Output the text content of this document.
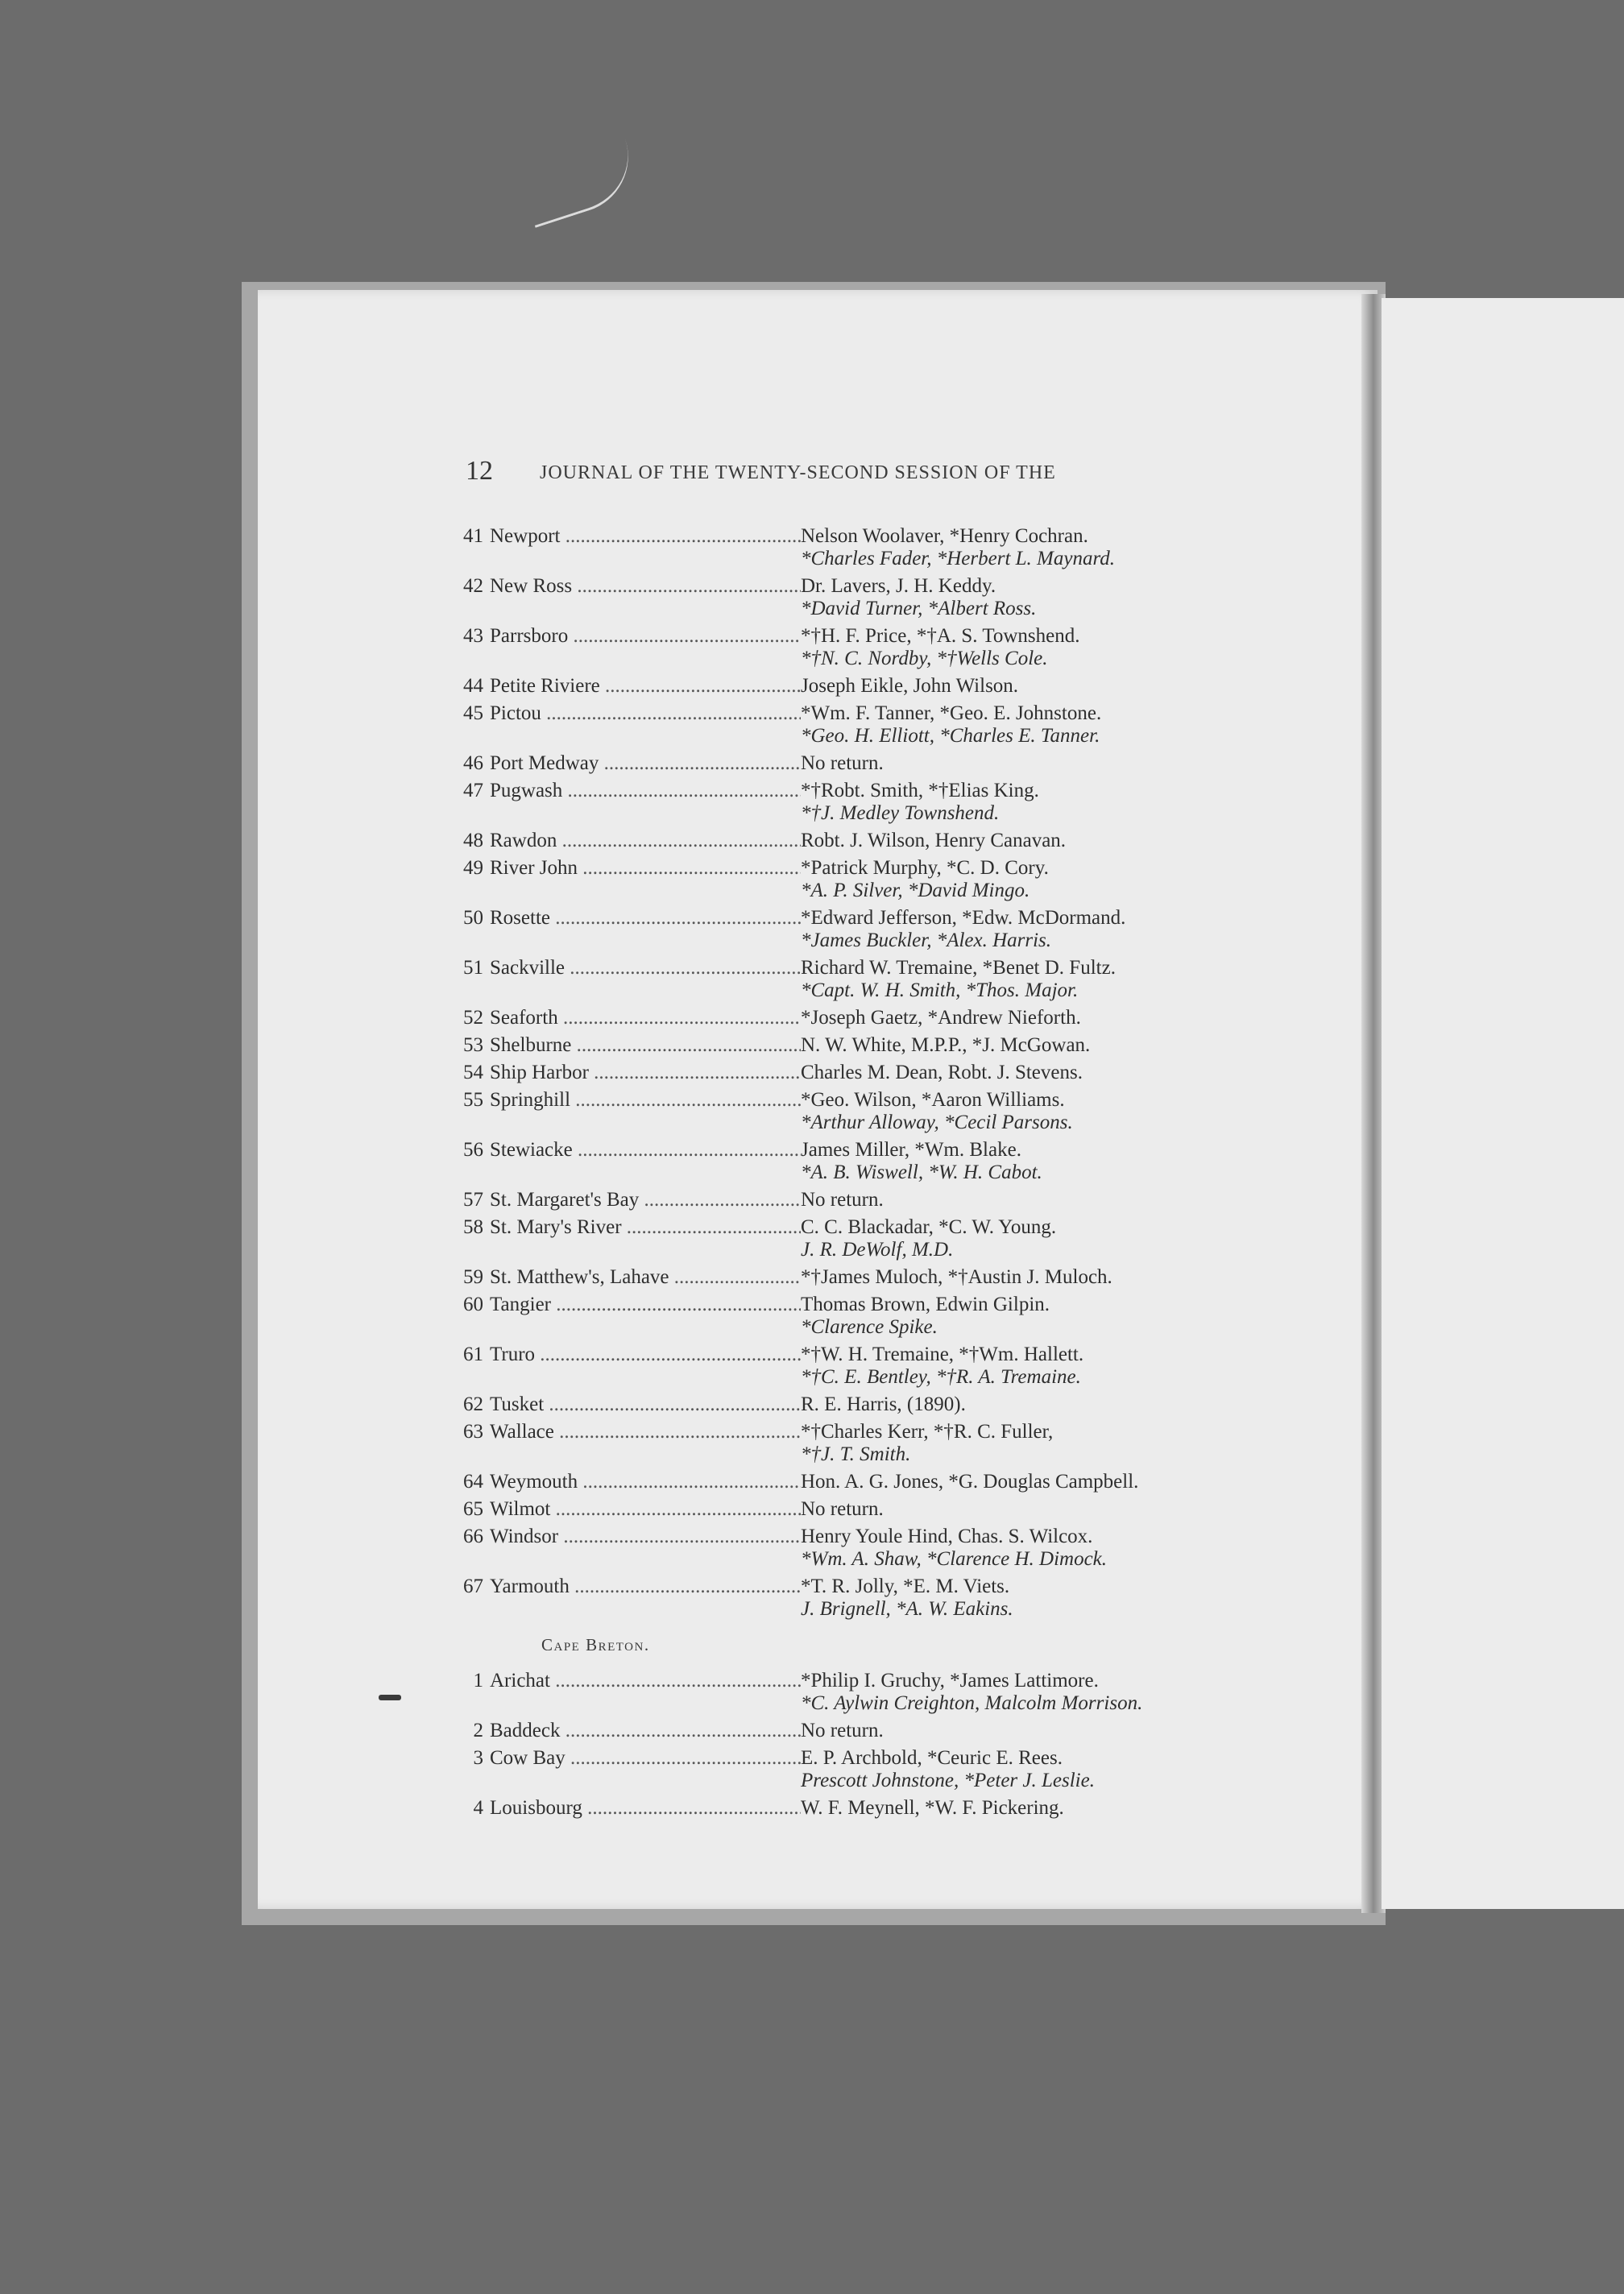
12 JOURNAL OF THE TWENTY-SECOND SESSION OF THE
41 Newport .....	Nelson Woolaver, *Henry Cochran.
*Charles Fader, *Herbert L. Maynard.
42 New Ross .....	Dr. Lavers, J. H. Keddy.
*David Turner, *Albert Ross.
43 Parrsboro .....	*†H. F. Price, *†A. S. Townshend.
*†N. C. Nordby, *†Wells Cole.
44 Petite Riviere .....	Joseph Eikle, John Wilson.
45 Pictou .....	*Wm. F. Tanner, *Geo. E. Johnstone.
*Geo. H. Elliott, *Charles E. Tanner.
46 Port Medway .....	No return.
47 Pugwash .....	*†Robt. Smith, *†Elias King.
*†J. Medley Townshend.
48 Rawdon .....	Robt. J. Wilson, Henry Canavan.
49 River John .....	*Patrick Murphy, *C. D. Cory.
*A. P. Silver, *David Mingo.
50 Rosette .....	*Edward Jefferson, *Edw. McDormand.
*James Buckler, *Alex. Harris.
51 Sackville .....	Richard W. Tremaine, *Benet D. Fultz.
*Capt. W. H. Smith, *Thos. Major.
52 Seaforth .....	*Joseph Gaetz, *Andrew Nieforth.
53 Shelburne .....	N. W. White, M.P.P., *J. McGowan.
54 Ship Harbor .....	Charles M. Dean, Robt. J. Stevens.
55 Springhill .....	*Geo. Wilson, *Aaron Williams.
*Arthur Alloway, *Cecil Parsons.
56 Stewiacke .....	James Miller, *Wm. Blake.
*A. B. Wiswell, *W. H. Cabot.
57 St. Margaret's Bay .....	No return.
58 St. Mary's River .....	C. C. Blackadar, *C. W. Young.
J. R. DeWolf, M.D.
59 St. Matthew's, Lahave .....	*†James Muloch, *†Austin J. Muloch.
60 Tangier .....	Thomas Brown, Edwin Gilpin.
*Clarence Spike.
61 Truro .....	*†W. H. Tremaine, *†Wm. Hallett.
*†C. E. Bentley, *†R. A. Tremaine.
62 Tusket .....	R. E. Harris, (1890).
63 Wallace .....	*†Charles Kerr, *†R. C. Fuller,
*†J. T. Smith.
64 Weymouth .....	Hon. A. G. Jones, *G. Douglas Campbell.
65 Wilmot .....	No return.
66 Windsor .....	Henry Youle Hind, Chas. S. Wilcox.
*Wm. A. Shaw, *Clarence H. Dimock.
67 Yarmouth .....	*T. R. Jolly, *E. M. Viets.
J. Brignell, *A. W. Eakins.
Cape Breton.
1 Arichat .....	*Philip I. Gruchy, *James Lattimore.
*C. Aylwin Creighton, Malcolm Morrison.
2 Baddeck .....	No return.
3 Cow Bay .....	E. P. Archbold, *Ceuric E. Rees.
Prescott Johnstone, *Peter J. Leslie.
4 Louisbourg .....	W. F. Meynell, *W. F. Pickering.
